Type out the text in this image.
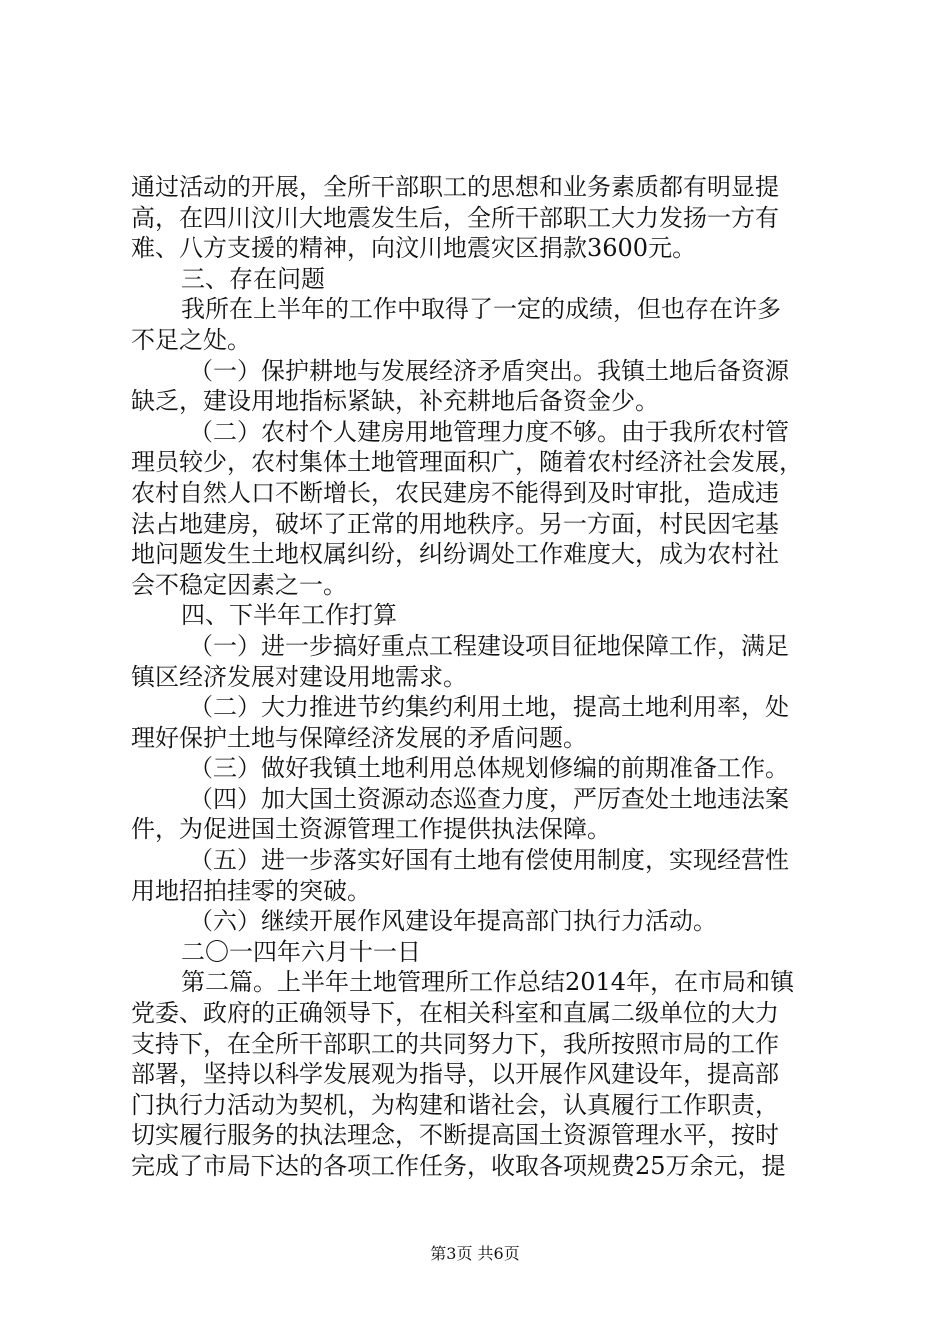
通过活动的开展，全所干部职工的思想和业务素质都有明显提
高，在四川汶川大地震发生后，全所干部职工大力发扬一方有
难、八方支援的精神，向汶川地震灾区捐款3600元。
三、存在问题
我所在上半年的工作中取得了一定的成绩，但也存在许多
不足之处。
（一）保护耕地与发展经济矛盾突出。我镇土地后备资源
缺乏，建设用地指标紧缺，补充耕地后备资金少。
（二）农村个人建房用地管理力度不够。由于我所农村管
理员较少，农村集体土地管理面积广，随着农村经济社会发展，
农村自然人口不断增长，农民建房不能得到及时审批，造成违
法占地建房，破坏了正常的用地秩序。另一方面，村民因宅基
地问题发生土地权属纠纷，纠纷调处工作难度大，成为农村社
会不稳定因素之一。
四、下半年工作打算
（一）进一步搞好重点工程建设项目征地保障工作，满足
镇区经济发展对建设用地需求。
（二）大力推进节约集约利用土地，提高土地利用率，处
理好保护土地与保障经济发展的矛盾问题。
（三）做好我镇土地利用总体规划修编的前期准备工作。
（四）加大国土资源动态巡查力度，严厉查处土地违法案
件，为促进国土资源管理工作提供执法保障。
（五）进一步落实好国有土地有偿使用制度，实现经营性
用地招拍挂零的突破。
（六）继续开展作风建设年提高部门执行力活动。
二〇一四年六月十一日
第二篇。上半年土地管理所工作总结2014年，在市局和镇
党委、政府的正确领导下，在相关科室和直属二级单位的大力
支持下，在全所干部职工的共同努力下，我所按照市局的工作
部署，坚持以科学发展观为指导，以开展作风建设年，提高部
门执行力活动为契机，为构建和谐社会，认真履行工作职责，
切实履行服务的执法理念，不断提高国土资源管理水平，按时
完成了市局下达的各项工作任务，收取各项规费25万余元，提
第3页 共6页
